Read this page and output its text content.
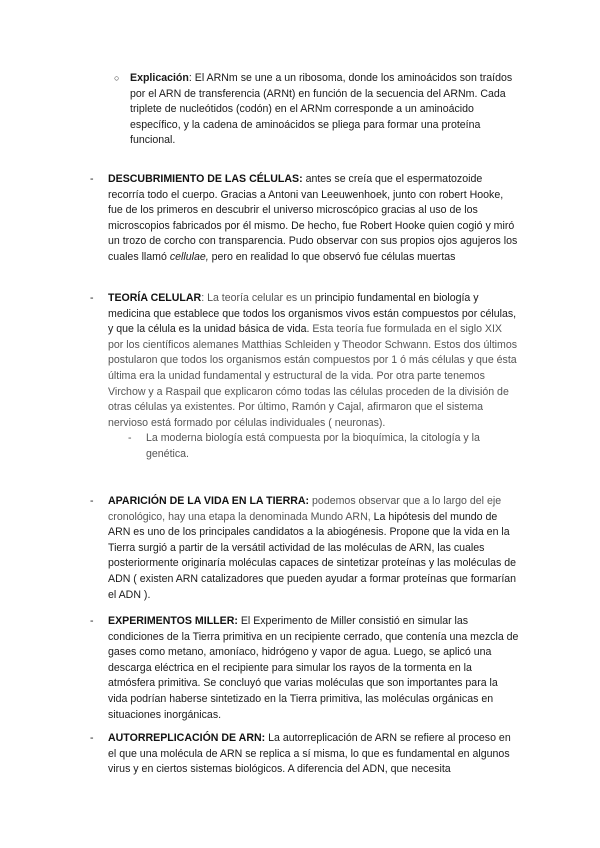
○ Explicación: El ARNm se une a un ribosoma, donde los aminoácidos son traídos por el ARN de transferencia (ARNt) en función de la secuencia del ARNm. Cada triplete de nucleótidos (codón) en el ARNm corresponde a un aminoácido específico, y la cadena de aminoácidos se pliega para formar una proteína funcional.

- DESCUBRIMIENTO DE LAS CÉLULAS: antes se creía que el espermatozoide recorría todo el cuerpo. Gracias a Antoni van Leeuwenhoek, junto con robert Hooke, fue de los primeros en descubrir el universo microscópico gracias al uso de los microscopios fabricados por él mismo. De hecho, fue Robert Hooke quien cogió y miró un trozo de corcho con transparencia. Pudo observar con sus propios ojos agujeros los cuales llamó cellulae, pero en realidad lo que observó fue células muertas

- TEORÍA CELULAR: La teoría celular es un principio fundamental en biología y medicina que establece que todos los organismos vivos están compuestos por células, y que la célula es la unidad básica de vida. Esta teoría fue formulada en el siglo XIX por los científicos alemanes Matthias Schleiden y Theodor Schwann. Estos dos últimos postularon que todos los organismos están compuestos por 1 ó más células y que ésta última era la unidad fundamental y estructural de la vida. Por otra parte tenemos Virchow y a Raspail que explicaron cómo todas las células proceden de la división de otras células ya existentes. Por último, Ramón y Cajal, afirmaron que el sistema nervioso está formado por células individuales ( neuronas).

- La moderna biología está compuesta por la bioquímica, la citología y la genética.

- APARICIÓN DE LA VIDA EN LA TIERRA: podemos observar que a lo largo del eje cronológico, hay una etapa la denominada Mundo ARN, La hipótesis del mundo de ARN es uno de los principales candidatos a la abiogénesis. Propone que la vida en la Tierra surgió a partir de la versátil actividad de las moléculas de ARN, las cuales posteriormente originaría moléculas capaces de sintetizar proteínas y las moléculas de ADN ( existen ARN catalizadores que pueden ayudar a formar proteínas que formarían el ADN ).

- EXPERIMENTOS MILLER: El Experimento de Miller consistió en simular las condiciones de la Tierra primitiva en un recipiente cerrado, que contenía una mezcla de gases como metano, amoníaco, hidrógeno y vapor de agua. Luego, se aplicó una descarga eléctrica en el recipiente para simular los rayos de la tormenta en la atmósfera primitiva. Se concluyó que varias moléculas que son importantes para la vida podrían haberse sintetizado en la Tierra primitiva, las moléculas orgánicas en situaciones inorgánicas.

- AUTORREPLICACIÓN DE ARN: La autorreplicación de ARN se refiere al proceso en el que una molécula de ARN se replica a sí misma, lo que es fundamental en algunos virus y en ciertos sistemas biológicos. A diferencia del ADN, que necesita
